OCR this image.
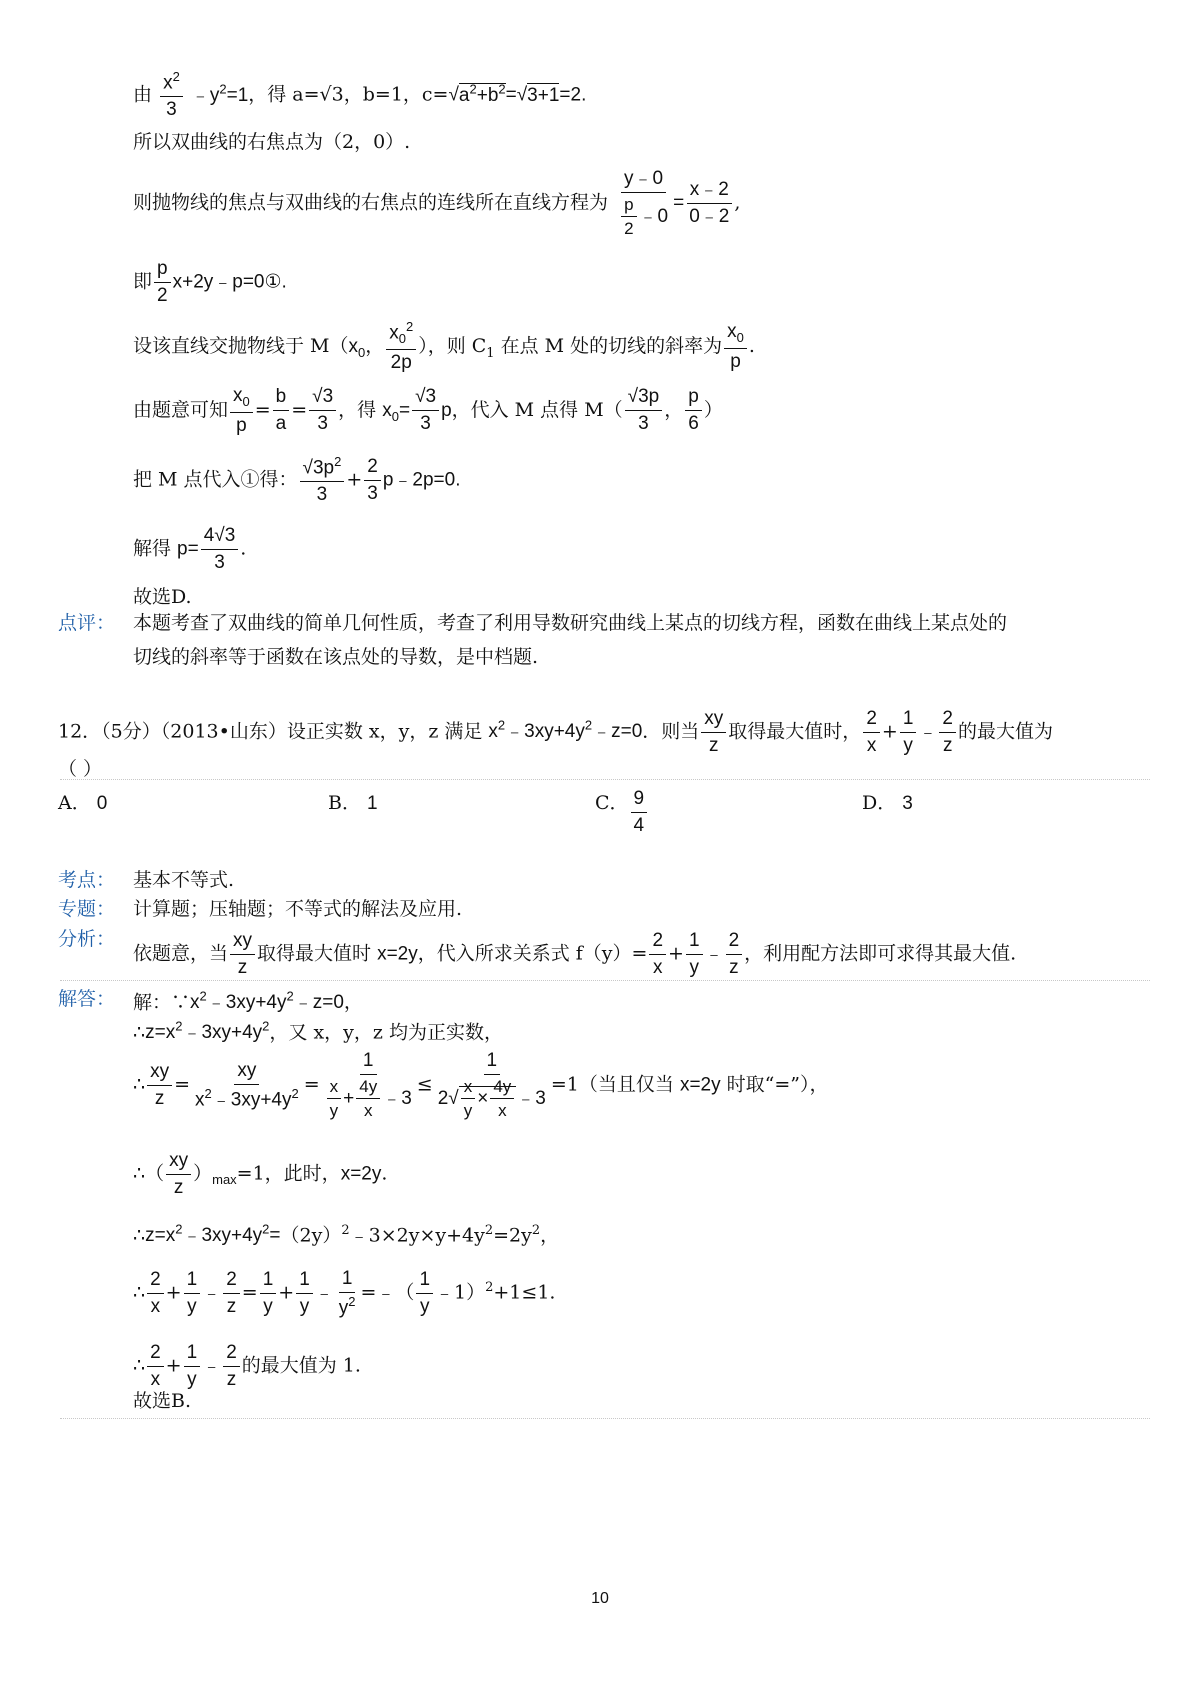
由 $\frac{x^2}{3}$ $﹣y^2=1$，得 a=√3，b=1，$c=√a^2+b^2=√3+1=2$.
所以双曲线的右焦点为（2，0）.
则抛物线的焦点与双曲线的右焦点的连线所在直线方程为 $\frac{y﹣0}{\frac{p}{2} ﹣0} = \frac{x﹣2}{0﹣2}$ ,
即 $\frac{p}{2}$ x+2y﹣p=0①.
设该直线交抛物线于 $M(x_0$， $\frac{x_0^2}{2p}$ ），则 $C_1$ 在点 M 处的切线的斜率为 $\frac{x_0}{p}$ .
由题意可知 $\frac{x_0}{p} = \frac{b}{a} = \frac{√3}{3}$ ，得 $x_0= \frac{√3}{3}$ p，代入 M 点得 $M( \frac{√3p}{3}$ ， $\frac{p}{6}$ ）
把 M 点代入①得： $\frac{√3p^2}{3} + \frac{2}{3}$ p﹣2p=0.
解得 $p= \frac{4√3}{3}$ .
故选D.
点评： 本题考查了双曲线的简单几何性质，考查了利用导数研究曲线上某点的切线方程，函数在曲线上某点处的
切线的斜率等于函数在该点处的导数，是中档题.
12．（5分）（2013•山东）设正实数 x，y，z 满足 $x^2﹣3xy+4y^2﹣z=0$．则当 $\frac{xy}{z}$ 取得最大值时， $\frac{2}{x} + \frac{1}{y}$ ﹣ $\frac{2}{z}$ 的最大值为
（ ）
A． 0	B． 1	C． $\frac{9}{4}$	D． 3
考点： 基本不等式.
专题： 计算题；压轴题；不等式的解法及应用.
分析：
依题意，当 $\frac{xy}{z}$ 取得最大值时 x=2y，代入所求关系式 $f(y)= \frac{2}{x} + \frac{1}{y}$ ﹣ $\frac{2}{z}$ ，利用配方法即可求得其最大值.
解答： 解：$\because x^2﹣3xy+4y^2﹣z=0$，
$\therefore z=x^2﹣3xy+4y^2$，又 x，y，z 均为正实数，
∴ $\frac{xy}{z} = \frac{xy}{x^2﹣3xy+4y^2} = \frac{1}{\frac{x}{y} + \frac{4y}{x} ﹣3} \le \frac{1}{2√ \frac{x}{y} \times \frac{4y}{x} ﹣3} =1$（当且仅当 x=2y 时取“=”），
∴（ $\frac{xy}{z} )_{max}=1$，此时，x=2y.
$\therefore z=x^2﹣3xy+4y^2=(2y)^2﹣3\times 2y\times y+4y^2=2y^2$，
∴ $\frac{2}{x} + \frac{1}{y}$ ﹣ $\frac{2}{z} = \frac{1}{y} + \frac{1}{y}$ ﹣ $\frac{1}{y^2}$ =﹣（ $\frac{1}{y}$ ﹣1）$^2$+1≤1.
∴ $\frac{2}{x} + \frac{1}{y}$ ﹣ $\frac{2}{z}$ 的最大值为 1.
故选B.
10
